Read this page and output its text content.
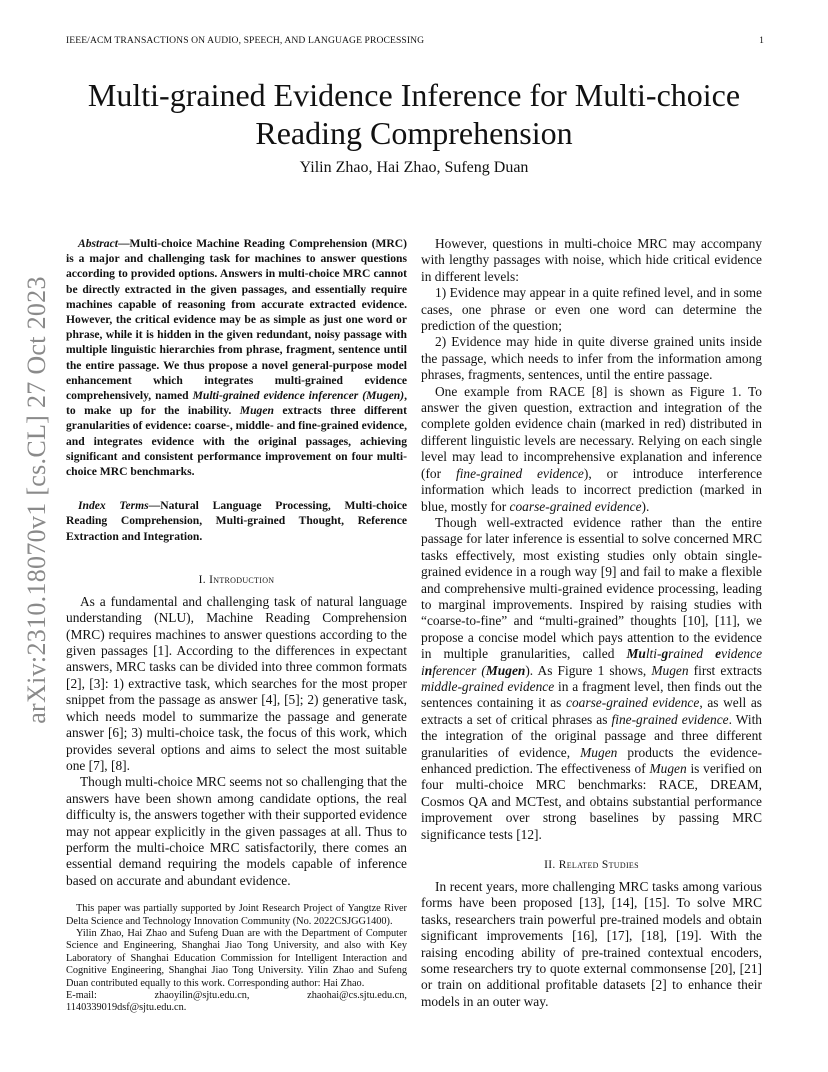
IEEE/ACM TRANSACTIONS ON AUDIO, SPEECH, AND LANGUAGE PROCESSING	1
Multi-grained Evidence Inference for Multi-choice Reading Comprehension
Yilin Zhao, Hai Zhao, Sufeng Duan
arXiv:2310.18070v1 [cs.CL] 27 Oct 2023

Abstract—Multi-choice Machine Reading Comprehension (MRC) is a major and challenging task for machines to answer questions according to provided options. Answers in multi-choice MRC cannot be directly extracted in the given passages, and essentially require machines capable of reasoning from accurate extracted evidence. However, the critical evidence may be as simple as just one word or phrase, while it is hidden in the given redundant, noisy passage with multiple linguistic hierarchies from phrase, fragment, sentence until the entire passage. We thus propose a novel general-purpose model enhancement which integrates multi-grained evidence comprehensively, named Multi-grained evidence inferencer (Mugen), to make up for the inability. Mugen extracts three different granularities of evidence: coarse-, middle- and fine-grained evidence, and integrates evidence with the original passages, achieving significant and consistent performance improvement on four multi-choice MRC benchmarks.

Index Terms—Natural Language Processing, Multi-choice Reading Comprehension, Multi-grained Thought, Reference Extraction and Integration.

I. Introduction

As a fundamental and challenging task of natural language understanding (NLU), Machine Reading Comprehension (MRC) requires machines to answer questions according to the given passages [1]. According to the differences in expectant answers, MRC tasks can be divided into three common formats [2], [3]: 1) extractive task, which searches for the most proper snippet from the passage as answer [4], [5]; 2) generative task, which needs model to summarize the passage and generate answer [6]; 3) multi-choice task, the focus of this work, which provides several options and aims to select the most suitable one [7], [8].

Though multi-choice MRC seems not so challenging that the answers have been shown among candidate options, the real difficulty is, the answers together with their supported evidence may not appear explicitly in the given passages at all. Thus to perform the multi-choice MRC satisfactorily, there comes an essential demand requiring the models capable of inference based on accurate and abundant evidence.

This paper was partially supported by Joint Research Project of Yangtze River Delta Science and Technology Innovation Community (No. 2022CSJGG1400).

Yilin Zhao, Hai Zhao and Sufeng Duan are with the Department of Computer Science and Engineering, Shanghai Jiao Tong University, and also with Key Laboratory of Shanghai Education Commission for Intelligent Interaction and Cognitive Engineering, Shanghai Jiao Tong University. Yilin Zhao and Sufeng Duan contributed equally to this work. Corresponding author: Hai Zhao.

E-mail:	zhaoyilin@sjtu.edu.cn,	zhaohai@cs.sjtu.edu.cn,

1140339019dsf@sjtu.edu.cn.

However, questions in multi-choice MRC may accompany with lengthy passages with noise, which hide critical evidence in different levels:

1) Evidence may appear in a quite refined level, and in some cases, one phrase or even one word can determine the prediction of the question;

2) Evidence may hide in quite diverse grained units inside the passage, which needs to infer from the information among phrases, fragments, sentences, until the entire passage.

One example from RACE [8] is shown as Figure 1. To answer the given question, extraction and integration of the complete golden evidence chain (marked in red) distributed in different linguistic levels are necessary. Relying on each single level may lead to incomprehensive explanation and inference (for fine-grained evidence), or introduce interference information which leads to incorrect prediction (marked in blue, mostly for coarse-grained evidence).

Though well-extracted evidence rather than the entire passage for later inference is essential to solve concerned MRC tasks effectively, most existing studies only obtain single-grained evidence in a rough way [9] and fail to make a flexible and comprehensive multi-grained evidence processing, leading to marginal improvements. Inspired by raising studies with “coarse-to-fine” and “multi-grained” thoughts [10], [11], we propose a concise model which pays attention to the evidence in multiple granularities, called Multi-grained evidence inferencer (Mugen). As Figure 1 shows, Mugen first extracts middle-grained evidence in a fragment level, then finds out the sentences containing it as coarse-grained evidence, as well as extracts a set of critical phrases as fine-grained evidence. With the integration of the original passage and three different granularities of evidence, Mugen products the evidence-enhanced prediction. The effectiveness of Mugen is verified on four multi-choice MRC benchmarks: RACE, DREAM, Cosmos QA and MCTest, and obtains substantial performance improvement over strong baselines by passing MRC significance tests [12].

II. Related Studies

In recent years, more challenging MRC tasks among various forms have been proposed [13], [14], [15]. To solve MRC tasks, researchers train powerful pre-trained models and obtain significant improvements [16], [17], [18], [19]. With the raising encoding ability of pre-trained contextual encoders, some researchers try to quote external commonsense [20], [21] or train on additional profitable datasets [2] to enhance their models in an outer way.
